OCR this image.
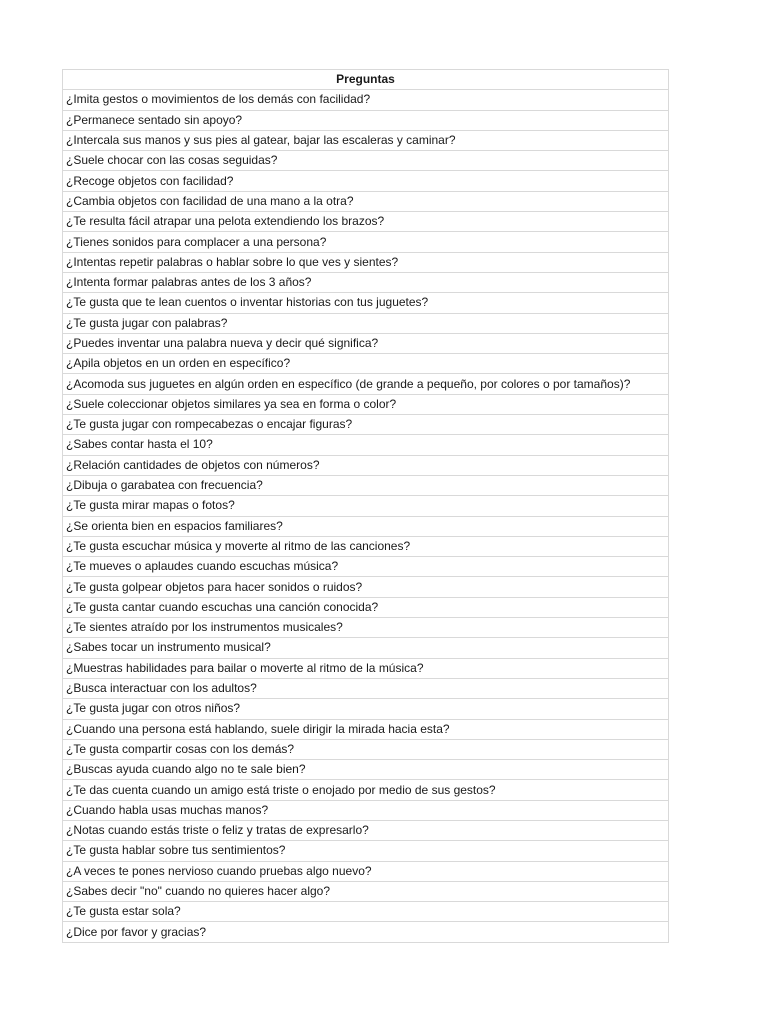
Preguntas
¿Imita gestos o movimientos de los demás con facilidad?
¿Permanece sentado sin apoyo?
¿Intercala sus manos y sus pies al gatear, bajar las escaleras y caminar?
¿Suele chocar con las cosas seguidas?
¿Recoge objetos con facilidad?
¿Cambia objetos con facilidad de una mano a la otra?
¿Te resulta fácil atrapar una pelota extendiendo los brazos?
¿Tienes sonidos para complacer a una persona?
¿Intentas repetir palabras o hablar sobre lo que ves y sientes?
¿Intenta formar palabras antes de los 3 años?
¿Te gusta que te lean cuentos o inventar historias con tus juguetes?
¿Te gusta jugar con palabras?
¿Puedes inventar una palabra nueva y decir qué significa?
¿Apila objetos en un orden en específico?
¿Acomoda sus juguetes en algún orden en específico (de grande a pequeño, por colores o por tamaños)?
¿Suele coleccionar objetos similares ya sea en forma o color?
¿Te gusta jugar con rompecabezas o encajar figuras?
¿Sabes contar hasta el 10?
¿Relación cantidades de objetos con números?
¿Dibuja o garabatea con frecuencia?
¿Te gusta mirar mapas o fotos?
¿Se orienta bien en espacios familiares?
¿Te gusta escuchar música y moverte al ritmo de las canciones?
¿Te mueves o aplaudes cuando escuchas música?
¿Te gusta golpear objetos para hacer sonidos o ruidos?
¿Te gusta cantar cuando escuchas una canción conocida?
¿Te sientes atraído por los instrumentos musicales?
¿Sabes tocar un instrumento musical?
¿Muestras habilidades para bailar o moverte al ritmo de la música?
¿Busca interactuar con los adultos?
¿Te gusta jugar con otros niños?
¿Cuando una persona está hablando, suele dirigir la mirada hacia esta?
¿Te gusta compartir cosas con los demás?
¿Buscas ayuda cuando algo no te sale bien?
¿Te das cuenta cuando un amigo está triste o enojado por medio de sus gestos?
¿Cuando habla usas muchas manos?
¿Notas cuando estás triste o feliz y tratas de expresarlo?
¿Te gusta hablar sobre tus sentimientos?
¿A veces te pones nervioso cuando pruebas algo nuevo?
¿Sabes decir "no" cuando no quieres hacer algo?
¿Te gusta estar sola?
¿Dice por favor y gracias?
